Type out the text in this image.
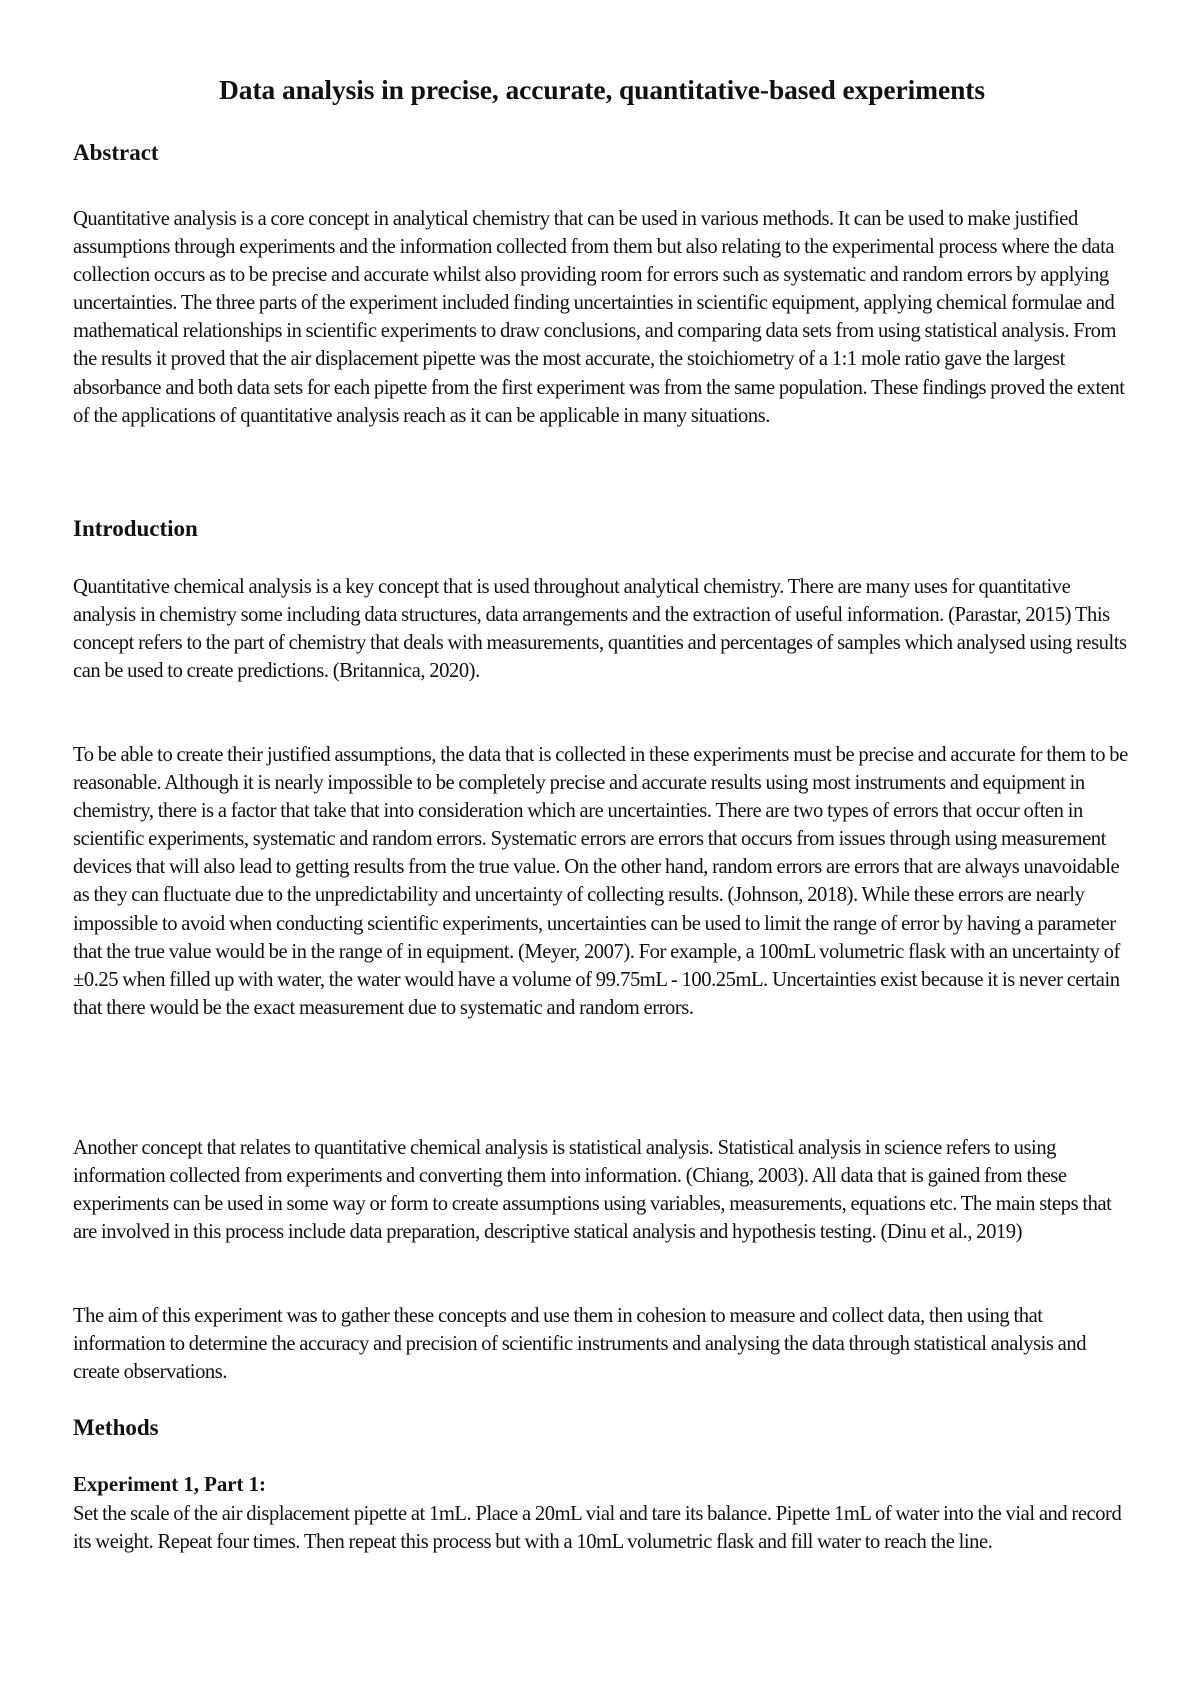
Data analysis in precise, accurate, quantitative-based experiments
Abstract

Quantitative analysis is a core concept in analytical chemistry that can be used in various methods. It can be used to make justified assumptions through experiments and the information collected from them but also relating to the experimental process where the data collection occurs as to be precise and accurate whilst also providing room for errors such as systematic and random errors by applying uncertainties. The three parts of the experiment included finding uncertainties in scientific equipment, applying chemical formulae and mathematical relationships in scientific experiments to draw conclusions, and comparing data sets from using statistical analysis. From the results it proved that the air displacement pipette was the most accurate, the stoichiometry of a 1:1 mole ratio gave the largest absorbance and both data sets for each pipette from the first experiment was from the same population. These findings proved the extent of the applications of quantitative analysis reach as it can be applicable in many situations.

Introduction

Quantitative chemical analysis is a key concept that is used throughout analytical chemistry. There are many uses for quantitative analysis in chemistry some including data structures, data arrangements and the extraction of useful information. (Parastar, 2015) This concept refers to the part of chemistry that deals with measurements, quantities and percentages of samples which analysed using results can be used to create predictions. (Britannica, 2020).

To be able to create their justified assumptions, the data that is collected in these experiments must be precise and accurate for them to be reasonable. Although it is nearly impossible to be completely precise and accurate results using most instruments and equipment in chemistry, there is a factor that take that into consideration which are uncertainties. There are two types of errors that occur often in scientific experiments, systematic and random errors. Systematic errors are errors that occurs from issues through using measurement devices that will also lead to getting results from the true value. On the other hand, random errors are errors that are always unavoidable as they can fluctuate due to the unpredictability and uncertainty of collecting results. (Johnson, 2018). While these errors are nearly impossible to avoid when conducting scientific experiments, uncertainties can be used to limit the range of error by having a parameter that the true value would be in the range of in equipment. (Meyer, 2007). For example, a 100mL volumetric flask with an uncertainty of ±0.25 when filled up with water, the water would have a volume of 99.75mL - 100.25mL. Uncertainties exist because it is never certain that there would be the exact measurement due to systematic and random errors.

Another concept that relates to quantitative chemical analysis is statistical analysis. Statistical analysis in science refers to using information collected from experiments and converting them into information. (Chiang, 2003). All data that is gained from these experiments can be used in some way or form to create assumptions using variables, measurements, equations etc. The main steps that are involved in this process include data preparation, descriptive statical analysis and hypothesis testing. (Dinu et al., 2019)

The aim of this experiment was to gather these concepts and use them in cohesion to measure and collect data, then using that information to determine the accuracy and precision of scientific instruments and analysing the data through statistical analysis and create observations.

Methods
Experiment 1, Part 1:

Set the scale of the air displacement pipette at 1mL. Place a 20mL vial and tare its balance. Pipette 1mL of water into the vial and record its weight. Repeat four times. Then repeat this process but with a 10mL volumetric flask and fill water to reach the line.
